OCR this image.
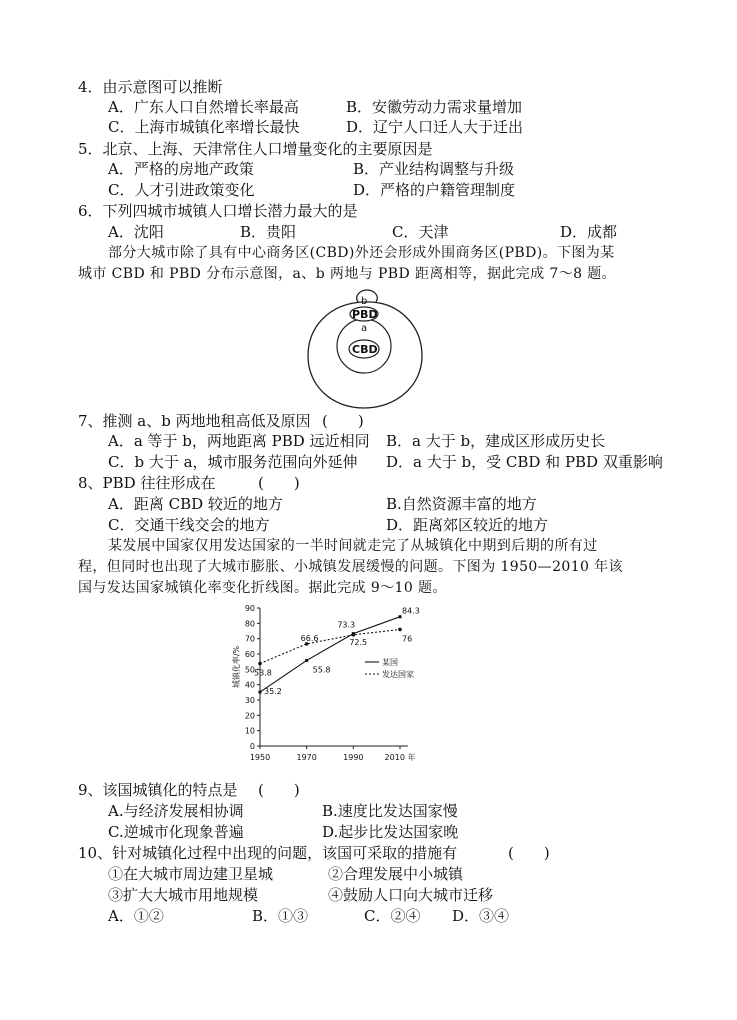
4．由示意图可以推断
A．广东人口自然增长率最高	B．安徽劳动力需求量增加
C．上海市城镇化率增长最快	D．辽宁人口迁人大于迁出
5．北京、上海、天津常住人口增量变化的主要原因是
A．严格的房地产政策	B．产业结构调整与升级
C．人才引进政策变化	D．严格的户籍管理制度
6．下列四城市城镇人口增长潜力最大的是
A．沈阳	B．贵阳	C．天津	D．成都
部分大城市除了具有中心商务区(CBD)外还会形成外围商务区(PBD)。下图为某
城市 CBD 和 PBD 分布示意图，a、b 两地与 PBD 距离相等，据此完成 7～8 题。
b
PBD
a
CBD
7、推测 a、b 两地地租高低及原因 (　　)
A．a 等于 b，两地距离 PBD 远近相同 B．a 大于 b，建成区形成历史长
C．b 大于 a，城市服务范围向外延伸 D．a 大于 b，受 CBD 和 PBD 双重影响
8、PBD 往往形成在	(　　)
A．距离 CBD 较近的地方	B.自然资源丰富的地方
C．交通干线交会的地方	D．距离郊区较近的地方
某发展中国家仅用发达国家的一半时间就走完了从城镇化中期到后期的所有过
程，但同时也出现了大城市膨胀、小城镇发展缓慢的问题。下图为 1950—2010 年该
国与发达国家城镇化率变化折线图。据此完成 9～10 题。
0
10
20
30
40
50
60
70
80
90
1950	1970	1990	2010 年
城镇化率/%
35.2
55.8
73.3
84.3
53.8
66.6	72.5	76
某国
发达国家
9、该国城镇化的特点是 (　　)
A.与经济发展相协调	B.速度比发达国家慢
C.逆城市化现象普遍	D.起步比发达国家晚
10、针对城镇化过程中出现的问题，该国可采取的措施有	(　　)
①在大城市周边建卫星城	②合理发展中小城镇
③扩大大城市用地规模	④鼓励人口向大城市迁移
A．①②	B．①③	C．②④ D．③④
